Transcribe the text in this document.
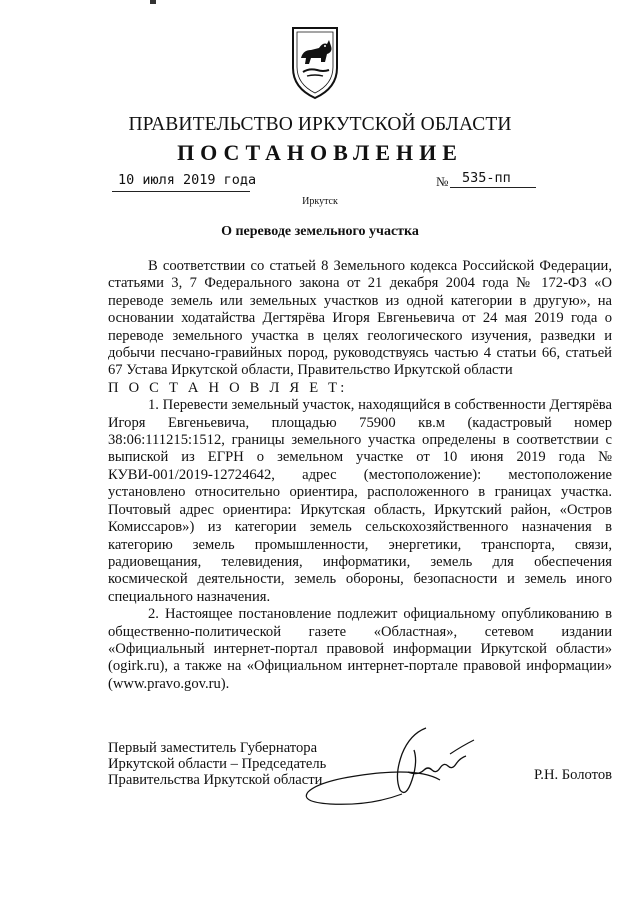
ПРАВИТЕЛЬСТВО ИРКУТСКОЙ ОБЛАСТИ
ПОСТАНОВЛЕНИЕ
10 июля 2019 года	№ 535-пп
Иркутск
О переводе земельного участка

В соответствии со статьей 8 Земельного кодекса Российской Федерации, статьями 3, 7 Федерального закона от 21 декабря 2004 года № 172-ФЗ «О переводе земель или земельных участков из одной категории в другую», на основании ходатайства Дегтярёва Игоря Евгеньевича от 24 мая 2019 года о переводе земельного участка в целях геологического изучения, разведки и добычи песчано-гравийных пород, руководствуясь частью 4 статьи 66, статьей 67 Устава Иркутской области, Правительство Иркутской области

П О С Т А Н О В Л Я Е Т:

1. Перевести земельный участок, находящийся в собственности Дегтярёва Игоря Евгеньевича, площадью 75900 кв.м (кадастровый номер 38:06:111215:1512, границы земельного участка определены в соответствии с выпиской из ЕГРН о земельном участке от 10 июня 2019 года № КУВИ-001/2019-12724642, адрес (местоположение): местоположение установлено относительно ориентира, расположенного в границах участка. Почтовый адрес ориентира: Иркутская область, Иркутский район, «Остров Комиссаров») из категории земель сельскохозяйственного назначения в категорию земель промышленности, энергетики, транспорта, связи, радиовещания, телевидения, информатики, земель для обеспечения космической деятельности, земель обороны, безопасности и земель иного специального назначения.

2. Настоящее постановление подлежит официальному опубликованию в общественно-политической газете «Областная», сетевом издании «Официальный интернет-портал правовой информации Иркутской области» (ogirk.ru), а также на «Официальном интернет-портале правовой информации» (www.pravo.gov.ru).

Первый заместитель Губернатора
Иркутской области – Председатель
Правительства Иркутской области	Р.Н. Болотов
